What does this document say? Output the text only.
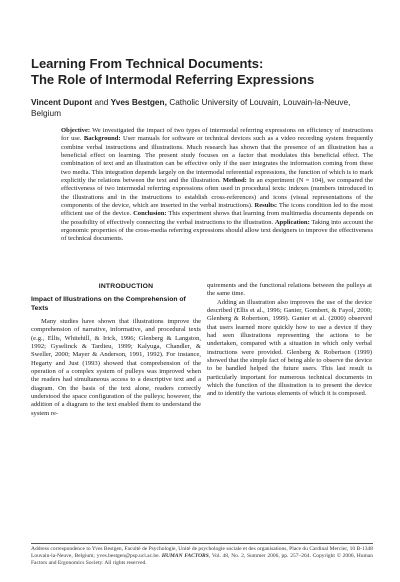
Learning From Technical Documents:
The Role of Intermodal Referring Expressions
Vincent Dupont and Yves Bestgen, Catholic University of Louvain, Louvain-la-Neuve, Belgium
Objective: We investigated the impact of two types of intermodal referring expressions on efficiency of instructions for use. Background: User manuals for software or technical devices such as a video recording system frequently combine verbal instructions and illustrations. Much research has shown that the presence of an illustration has a beneficial effect on learning. The present study focuses on a factor that modulates this beneficial effect. The combination of text and an illustration can be effective only if the user integrates the information coming from these two media. This integration depends largely on the intermodal referential expressions, the function of which is to mark explicitly the relations between the text and the illustration. Method: In an experiment (N = 104), we compared the effectiveness of two intermodal referring expressions often used in procedural texts: indexes (numbers introduced in the illustrations and in the instructions to establish cross-references) and icons (visual representations of the components of the device, which are inserted in the verbal instructions). Results: The icons condition led to the most efficient use of the device. Conclusion: This experiment shows that learning from multimedia documents depends on the possibility of effectively connecting the verbal instructions to the illustration. Application: Taking into account the ergonomic properties of the cross-media referring expressions should allow text designers to improve the effectiveness of technical documents.
INTRODUCTION
Impact of Illustrations on the Comprehension of Texts

Many studies have shown that illustrations improve the comprehension of narrative, informative, and procedural texts (e.g., Ellis, Whitehill, & Irick, 1996; Glenberg & Langston, 1992; Gyselinck & Tardieu, 1999; Kalyuga, Chandler, & Sweller, 2000; Mayer & Anderson, 1991, 1992). For instance, Hegarty and Just (1993) showed that comprehension of the operation of a complex system of pulleys was improved when the readers had simultaneous access to a descriptive text and a diagram. On the basis of the text alone, readers correctly understood the space configuration of the pulleys; however, the addition of a diagram to the text enabled them to understand the system re-

quirements and the functional relations between the pulleys at the same time.

Adding an illustration also improves the use of the device described (Ellis et al., 1996; Ganier, Gombert, & Fayol, 2000; Glenberg & Robertson, 1999). Ganier et al. (2000) observed that users learned more quickly how to use a device if they had seen illustrations representing the actions to be undertaken, compared with a situation in which only verbal instructions were provided. Glenberg & Robertson (1999) showed that the simple fact of being able to observe the device to be handled helped the future users. This last result is particularly important for numerous technical documents in which the function of the illustration is to present the device and to identify the various elements of which it is composed.

Address correspondence to Yves Bestgen, Faculté de Psychologie, Unité de psychologie sociale et des organisations, Place du Cardinal Mercier, 10 B-1348 Louvain-la-Neuve, Belgium; yves.bestgen@psp.ucl.ac.be. HUMAN FACTORS, Vol. 48, No. 2, Summer 2006, pp. 257–264. Copyright © 2006, Human Factors and Ergonomics Society. All rights reserved.
